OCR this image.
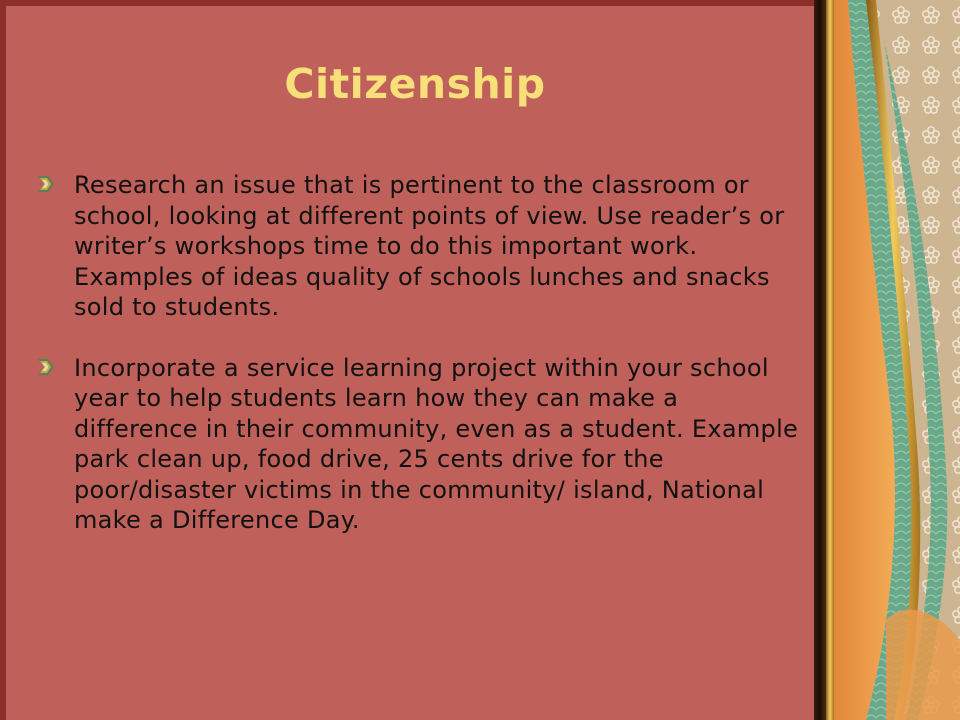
Citizenship
Research an issue that is pertinent to the classroom or school, looking at different points of view. Use reader’s or writer’s workshops time to do this important work. Examples of ideas quality of schools lunches and snacks sold to students.
Incorporate a service learning project within your school year to help students learn how they can make a difference in their community, even as a student. Example park clean up, food drive, 25 cents drive for the poor/disaster victims in the community/ island, National make a Difference Day.
